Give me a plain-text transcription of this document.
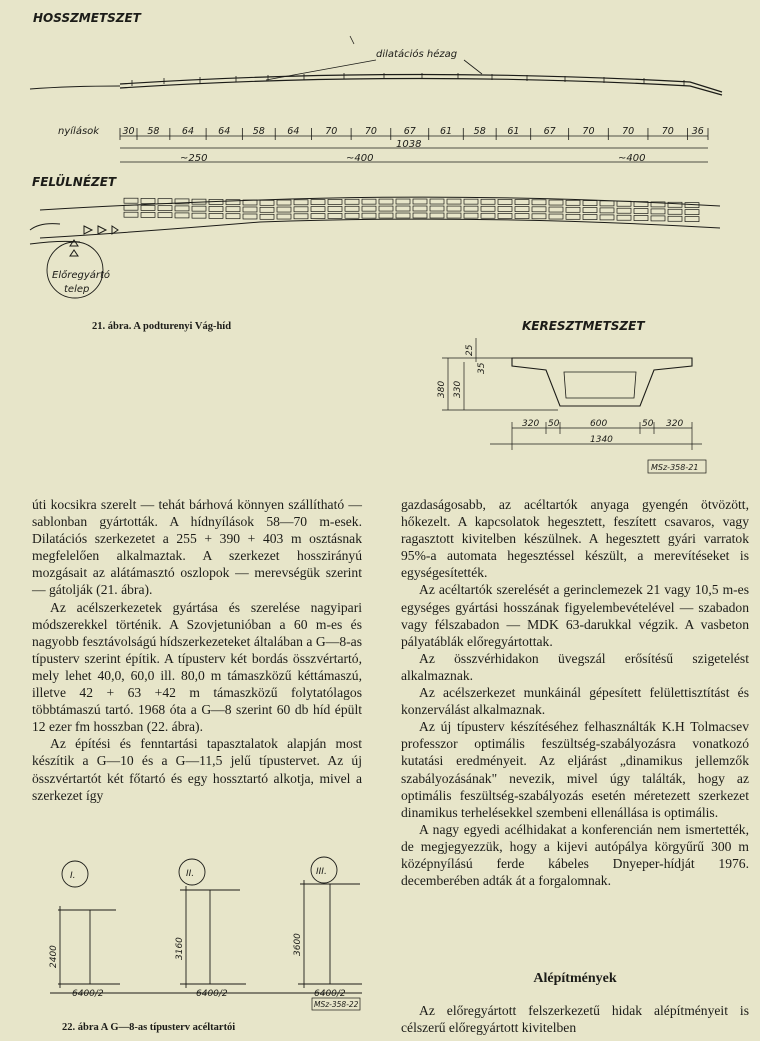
HOSSZMETSZET
FELÜLNÉZET
dilatációs hézag
nyílások 30 58 64	64 58 64	70	70	67	61 58 61	67	70	70	70 36
1038
~250	~400	~400
Előregyártó
telep
21. ábra. A podturenyi Vág-híd	KERESZTMETSZET
380 330
25
35
320 50	600	50 320
1340
MSz-358-21

úti kocsikra szerelt — tehát bárhová könnyen szállítható — sablonban gyártották. A hídnyílások 58—70 m-esek. Dilatációs szerkezetet a 255 + 390 + 403 m osztásnak megfelelően alkalmaztak. A szerkezet hosszirányú mozgásait az alátámasztó oszlopok — merevségük szerint — gátolják (21. ábra).

Az acélszerkezetek gyártása és szerelése nagyipari módszerekkel történik. A Szovjetunióban a 60 m-es és nagyobb fesztávolságú hídszerkezeteket általában a G—8-as típusterv szerint építik. A típusterv két bordás összvértartó, mely lehet 40,0, 60,0 ill. 80,0 m támaszközű kéttámaszú, illetve 42 + 63 +42 m támaszközű folytatólagos többtámaszú tartó. 1968 óta a G—8 szerint 60 db híd épült 12 ezer fm hosszban (22. ábra).

Az építési és fenntartási tapasztalatok alapján most készítik a G—10 és a G—11,5 jelű típustervet. Az új összvértartót két főtartó és egy hossztartó alkotja, mivel a szerkezet így

I.	II.	III.
2400	3160	3600
6400/2	6400/2	6400/2
MSz-358-22
22. ábra A G—8-as típusterv acéltartói

gazdaságosabb, az acéltartók anyaga gyengén ötvözött, hőkezelt. A kapcsolatok hegesztett, feszített csavaros, vagy ragasztott kivitelben készülnek. A hegesztett gyári varratok 95%-a automata hegesztéssel készült, a merevítéseket is egységesítették.

Az acéltartók szerelését a gerinclemezek 21 vagy 10,5 m-es egységes gyártási hosszának figyelembevételével — szabadon vagy félszabadon — MDK 63-darukkal végzik. A vasbeton pályatáblák előregyártottak.

Az összvérhidakon üvegszál erősítésű szigetelést alkalmaznak.

Az acélszerkezet munkáinál gépesített felülettisztítást és konzerválást alkalmaznak.

Az új típusterv készítéséhez felhasználták K.H Tolmacsev professzor optimális feszültség-szabályozásra vonatkozó kutatási eredményeit. Az eljárást „dinamikus jellemzők szabályozásának" nevezik, mivel úgy találták, hogy az optimális feszültség-szabályozás esetén méretezett szerkezet dinamikus terhelésekkel szembeni ellenállása is optimális.

A nagy egyedi acélhidakat a konferencián nem ismertették, de megjegyezzük, hogy a kijevi autópálya körgyűrű 300 m középnyílású ferde kábeles Dnyeper-hídját 1976. decemberében adták át a forgalomnak.

Alépítmények

Az előregyártott felszerkezetű hidak alépítményeit is célszerű előregyártott kivitelben
